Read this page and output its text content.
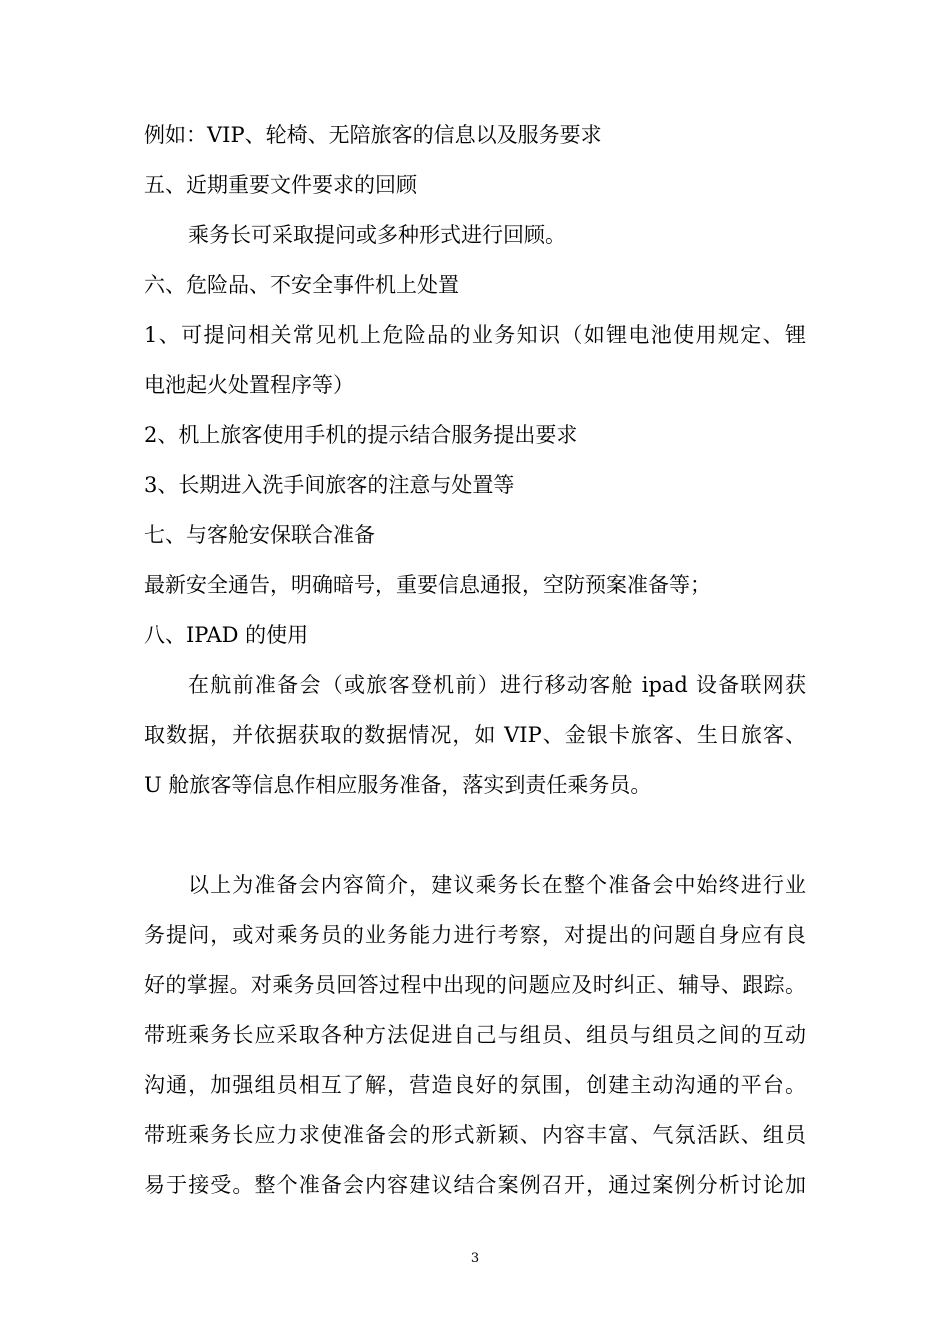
例如：VIP、轮椅、无陪旅客的信息以及服务要求
五、近期重要文件要求的回顾
乘务长可采取提问或多种形式进行回顾。
六、危险品、不安全事件机上处置
1、可提问相关常见机上危险品的业务知识（如锂电池使用规定、锂
电池起火处置程序等）
2、机上旅客使用手机的提示结合服务提出要求
3、长期进入洗手间旅客的注意与处置等
七、与客舱安保联合准备
最新安全通告，明确暗号，重要信息通报，空防预案准备等；
八、IPAD 的使用
在航前准备会（或旅客登机前）进行移动客舱 ipad 设备联网获
取数据，并依据获取的数据情况，如 VIP、金银卡旅客、生日旅客、
U 舱旅客等信息作相应服务准备，落实到责任乘务员。
以上为准备会内容简介，建议乘务长在整个准备会中始终进行业
务提问，或对乘务员的业务能力进行考察，对提出的问题自身应有良
好的掌握。对乘务员回答过程中出现的问题应及时纠正、辅导、跟踪。
带班乘务长应采取各种方法促进自己与组员、组员与组员之间的互动
沟通，加强组员相互了解，营造良好的氛围，创建主动沟通的平台。
带班乘务长应力求使准备会的形式新颖、内容丰富、气氛活跃、组员
易于接受。整个准备会内容建议结合案例召开，通过案例分析讨论加
3
